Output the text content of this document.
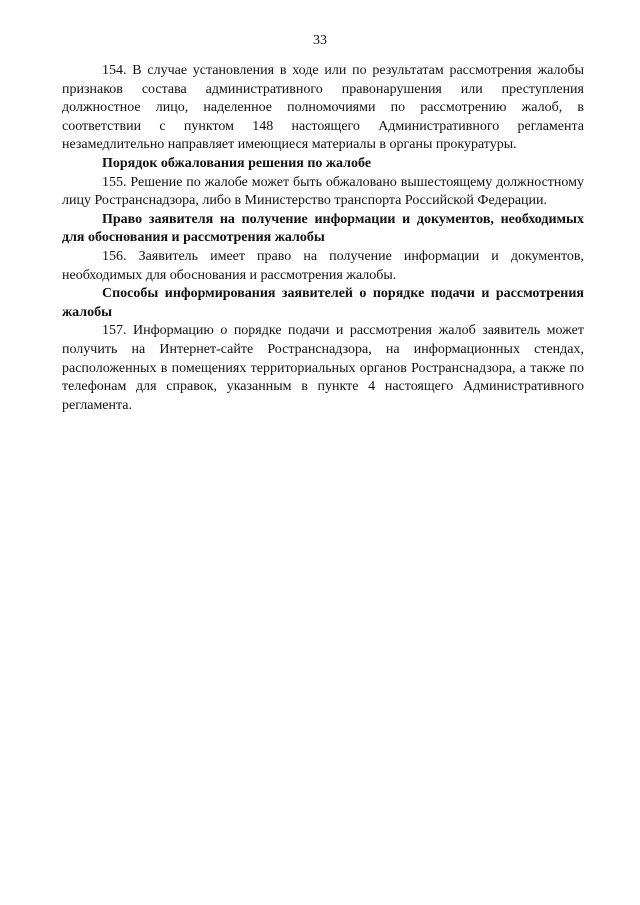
33

154. В случае установления в ходе или по результатам рассмотрения жалобы признаков состава административного правонарушения или преступления должностное лицо, наделенное полномочиями по рассмотрению жалоб, в соответствии с пунктом 148 настоящего Административного регламента незамедлительно направляет имеющиеся материалы в органы прокуратуры.

Порядок обжалования решения по жалобе

155. Решение по жалобе может быть обжаловано вышестоящему должностному лицу Ространснадзора, либо в Министерство транспорта Российской Федерации.

Право заявителя на получение информации и документов, необходимых для обоснования и рассмотрения жалобы

156. Заявитель имеет право на получение информации и документов, необходимых для обоснования и рассмотрения жалобы.

Способы информирования заявителей о порядке подачи и рассмотрения жалобы

157. Информацию о порядке подачи и рассмотрения жалоб заявитель может получить на Интернет-сайте Ространснадзора, на информационных стендах, расположенных в помещениях территориальных органов Ространснадзора, а также по телефонам для справок, указанным в пункте 4 настоящего Административного регламента.
